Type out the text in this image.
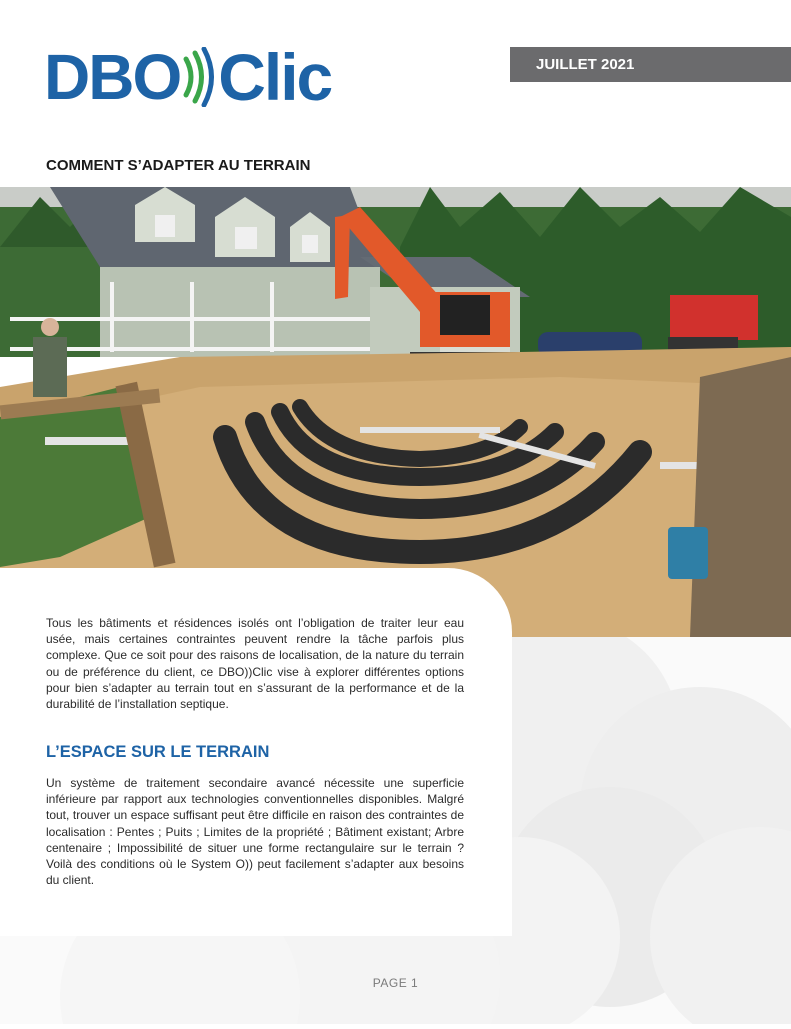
DBO Clic	JUILLET 2021
COMMENT S’ADAPTER AU TERRAIN

Tous les bâtiments et résidences isolés ont l’obligation de traiter leur eau usée, mais certaines contraintes peuvent rendre la tâche parfois plus complexe. Que ce soit pour des raisons de localisation, de la nature du terrain ou de préférence du client, ce DBO))Clic vise à explorer différentes options pour bien s’adapter au terrain tout en s’assurant de la performance et de la durabilité de l’installation septique.

L’ESPACE SUR LE TERRAIN

Un système de traitement secondaire avancé nécessite une superficie inférieure par rapport aux technologies conventionnelles disponibles. Malgré tout, trouver un espace suffisant peut être difficile en raison des contraintes de localisation : Pentes ; Puits ; Limites de la propriété ; Bâtiment existant; Arbre centenaire ; Impossibilité de situer une forme rectangulaire sur le terrain ? Voilà des conditions où le System O)) peut facilement s’adapter aux besoins du client.

PAGE 1
